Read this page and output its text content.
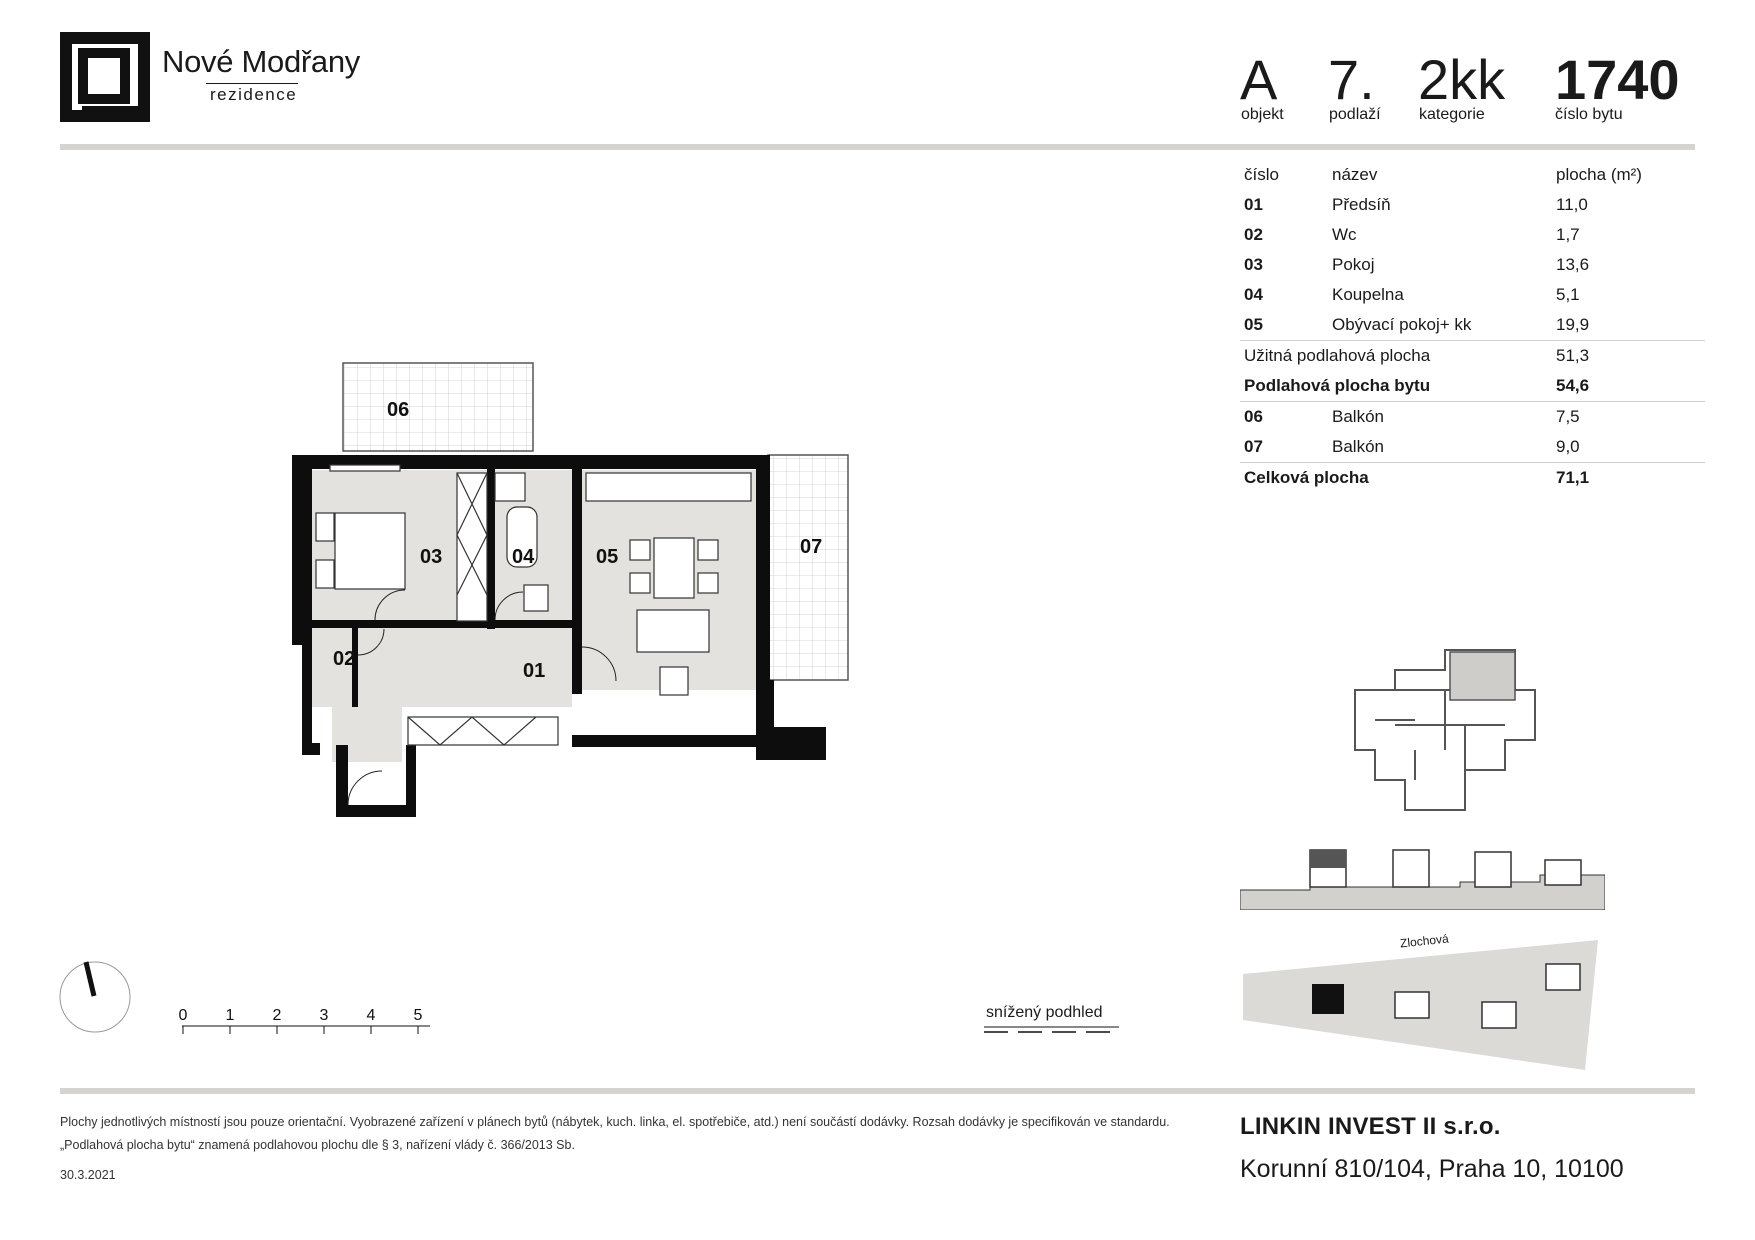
Nové Modřany
rezidence	A
objekt
7.
podlaží
2kk
kategorie
1740
číslo bytu
číslo	název	plocha (m²)
01	Předsíň	11,0
02	Wc	1,7
03	Pokoj	13,6
04	Koupelna	5,1
05	Obývací pokoj+ kk	19,9
Užitná podlahová plocha	51,3
Podlahová plocha bytu	54,6
06	Balkón	7,5
07	Balkón	9,0
Celková plocha	71,1
06
07
03	04	05
02
01
0 1 2 3 4 5	snížený podhled
Zlochová
Plochy jednotlivých místností jsou pouze orientační. Vyobrazené zařízení v plánech bytů (nábytek, kuch. linka, el. spotřebiče, atd.) není součástí dodávky. Rozsah dodávky je specifikován ve standardu.
„Podlahová plocha bytu“ znamená podlahovou plochu dle § 3, nařízení vlády č. 366/2013 Sb.
30.3.2021
LINKIN INVEST II s.r.o.
Korunní 810/104, Praha 10, 10100
